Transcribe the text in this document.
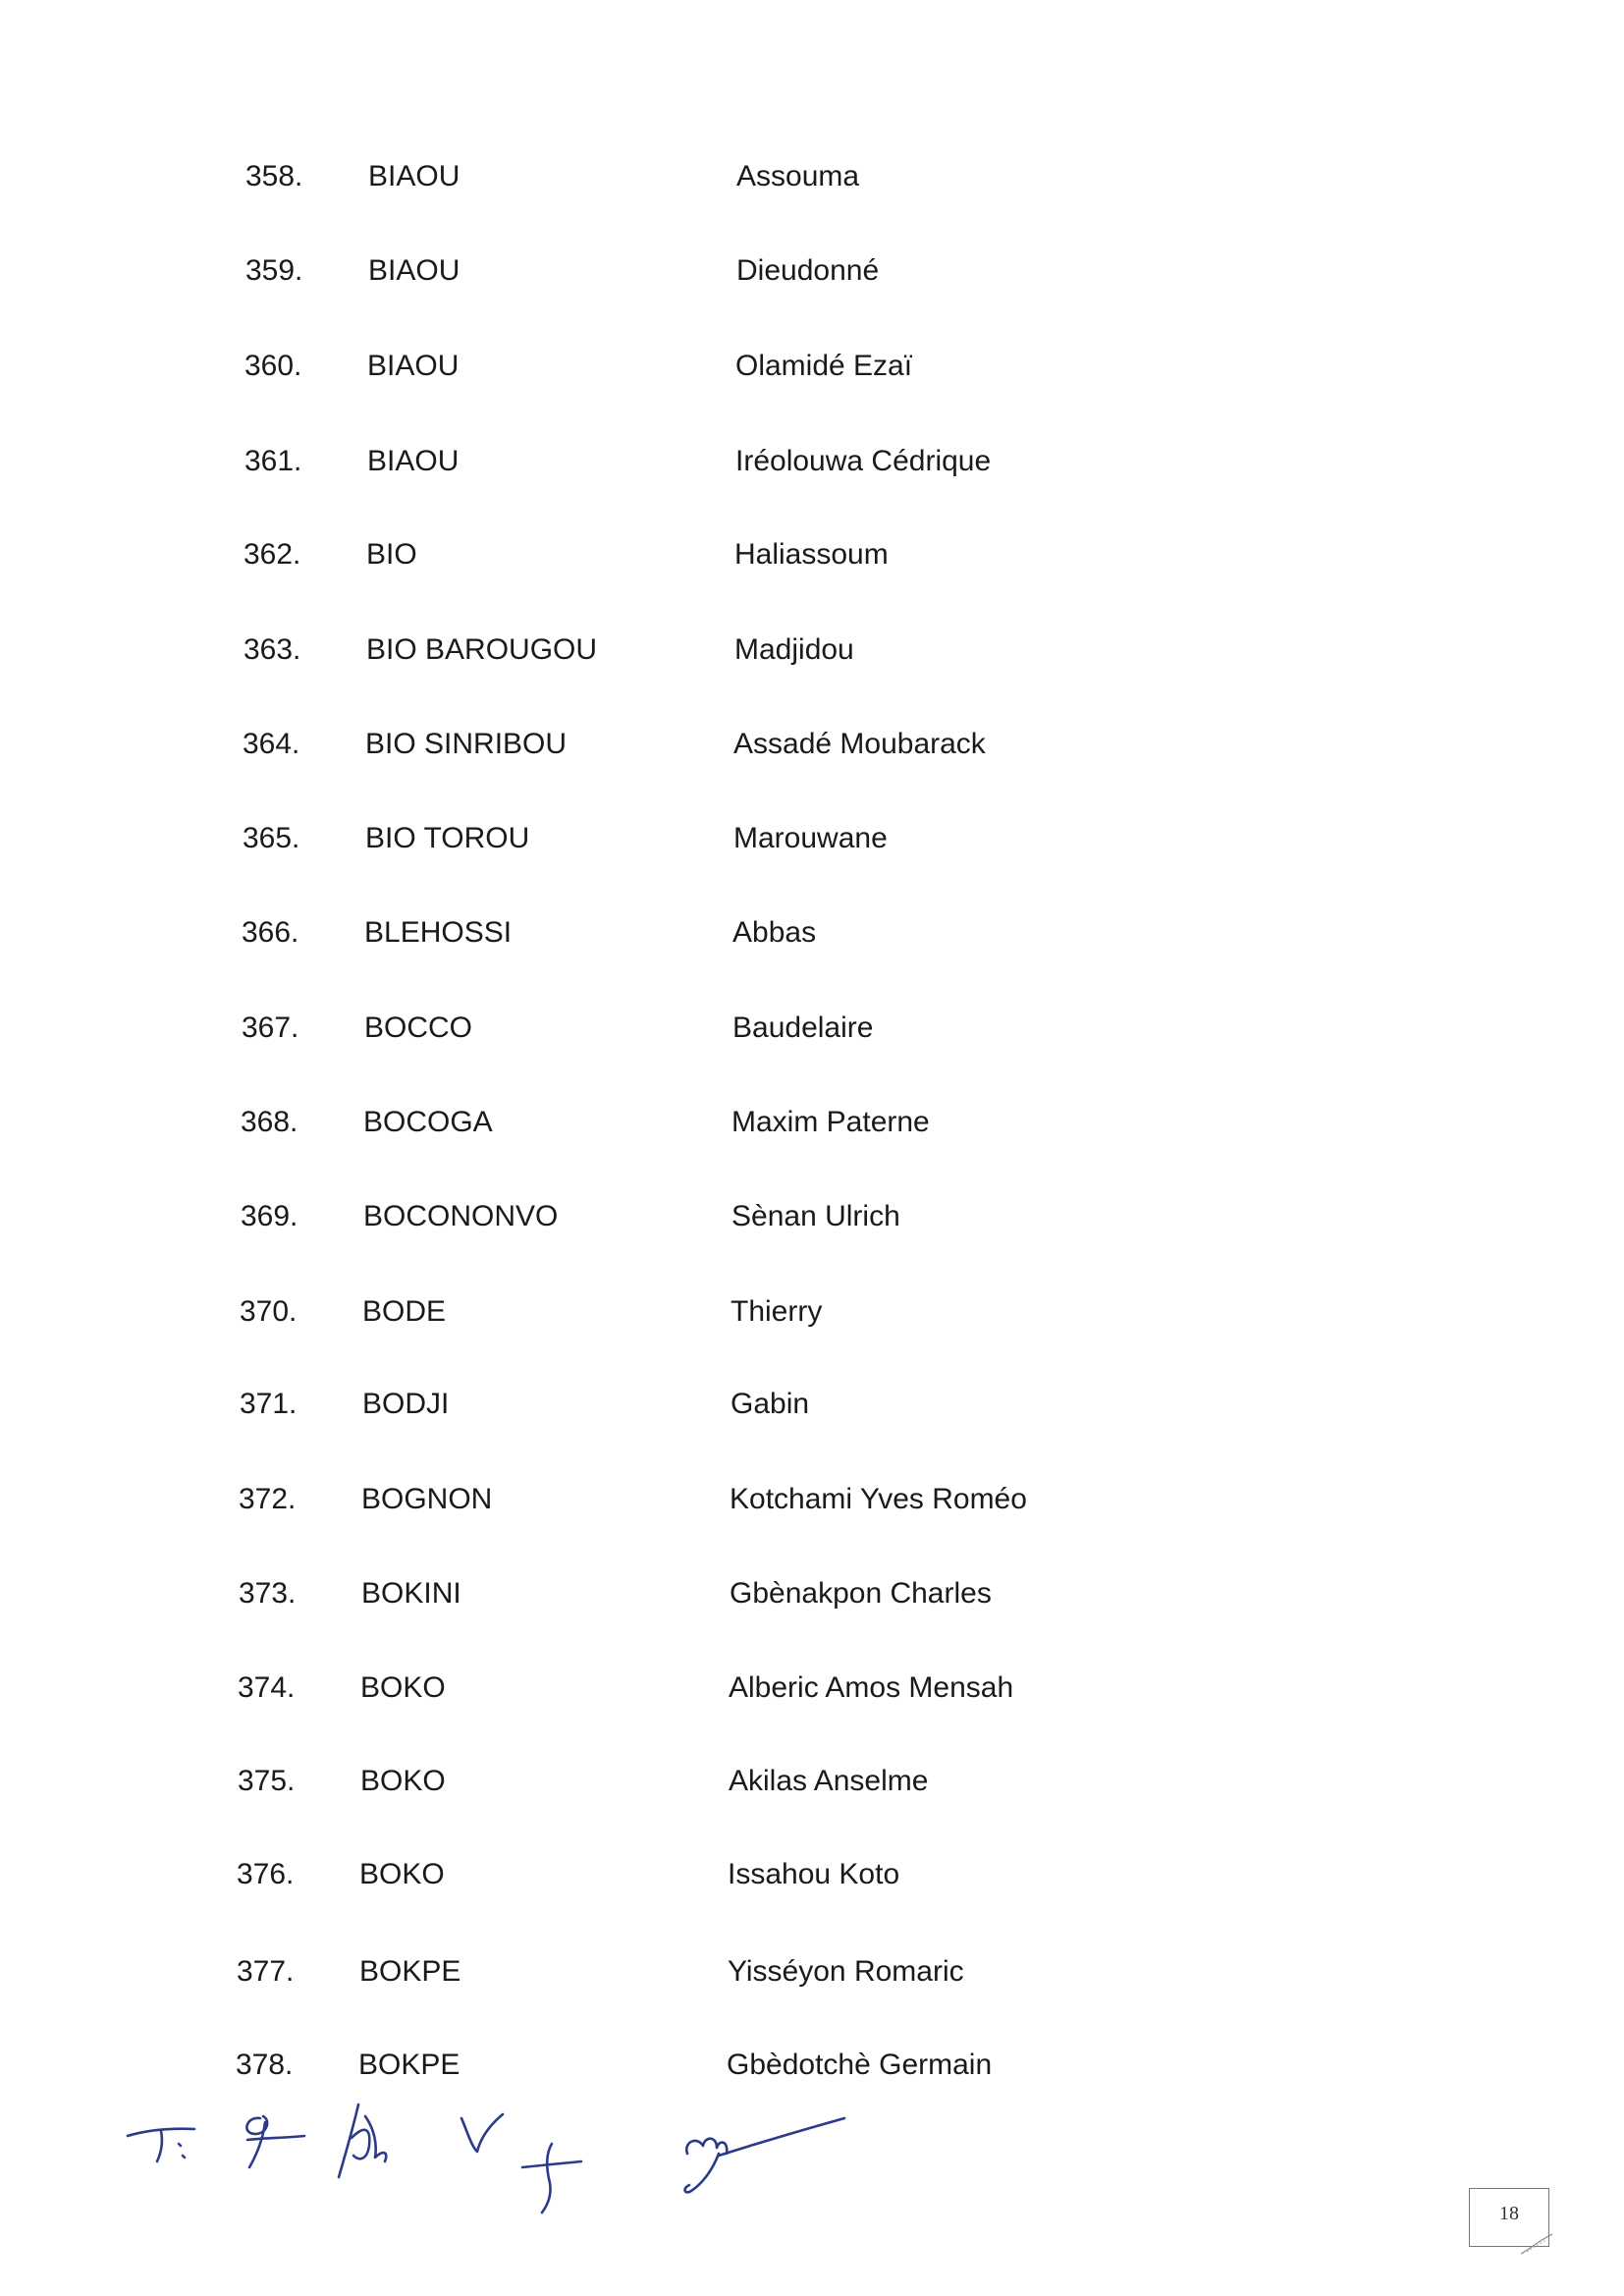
358. BIAOU	Assouma
359. BIAOU	Dieudonné
360. BIAOU	Olamidé Ezaï
361. BIAOU	Iréolouwa Cédrique
362. BIO	Haliassoum
363. BIO BAROUGOU	Madjidou
364. BIO SINRIBOU	Assadé Moubarack
365. BIO TOROU	Marouwane
366. BLEHOSSI	Abbas
367. BOCCO	Baudelaire
368. BOCOGA	Maxim Paterne
369. BOCONONVO	Sènan Ulrich
370. BODE	Thierry
371. BODJI	Gabin
372. BOGNON	Kotchami Yves Roméo
373. BOKINI	Gbènakpon Charles
374. BOKO	Alberic Amos Mensah
375. BOKO	Akilas Anselme
376. BOKO	Issahou Koto
377. BOKPE	Yisséyon Romaric
378. BOKPE	Gbèdotchè Germain
18
